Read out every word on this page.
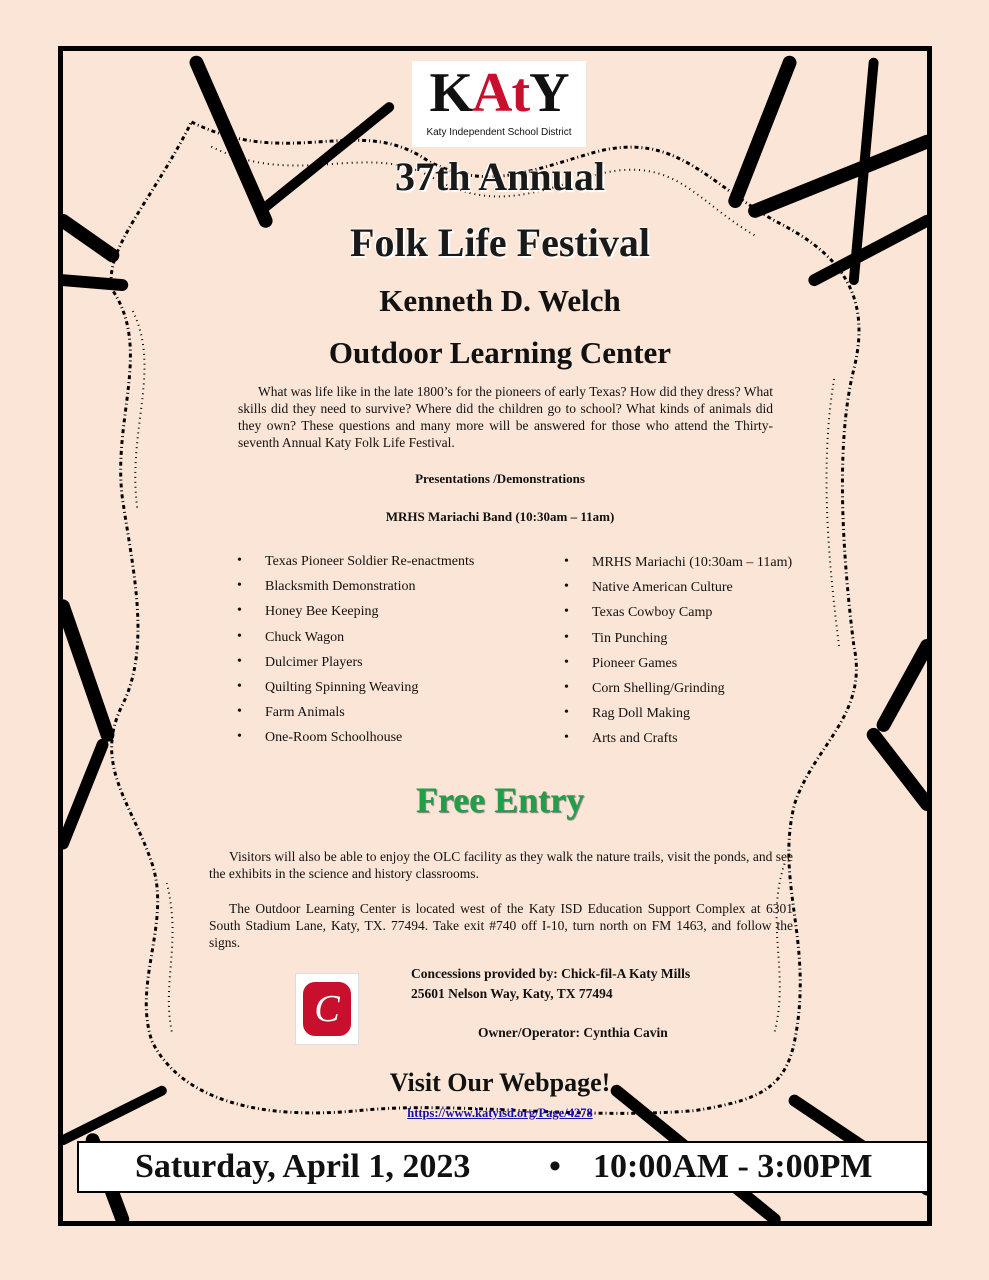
KAtY
Katy Independent School District
37th Annual
Folk Life Festival
Kenneth D. Welch
Outdoor Learning Center
What was life like in the late 1800’s for the pioneers of early Texas? How did they dress? What skills did they need to survive? Where did the children go to school? What kinds of animals did they own? These questions and many more will be answered for those who attend the Thirty-seventh Annual Katy Folk Life Festival.
Presentations /Demonstrations
MRHS Mariachi Band (10:30am – 11am)
• Texas Pioneer Soldier Re-enactments
• Blacksmith Demonstration
• Honey Bee Keeping
• Chuck Wagon
• Dulcimer Players
• Quilting Spinning Weaving
• Farm Animals
• One-Room Schoolhouse
• MRHS Mariachi (10:30am – 11am)
• Native American Culture
• Texas Cowboy Camp
• Tin Punching
• Pioneer Games
• Corn Shelling/Grinding
• Rag Doll Making
• Arts and Crafts
Free Entry
Visitors will also be able to enjoy the OLC facility as they walk the nature trails, visit the ponds, and see the exhibits in the science and history classrooms.
The Outdoor Learning Center is located west of the Katy ISD Education Support Complex at 6301 South Stadium Lane, Katy, TX. 77494. Take exit #740 off I-10, turn north on FM 1463, and follow the signs.
C
Concessions provided by: Chick-fil-A Katy Mills
25601 Nelson Way, Katy, TX 77494
Owner/Operator: Cynthia Cavin
Visit Our Webpage!
https://www.katyisd.org/Page/4278
Saturday, April 1, 2023 • 10:00AM - 3:00PM
